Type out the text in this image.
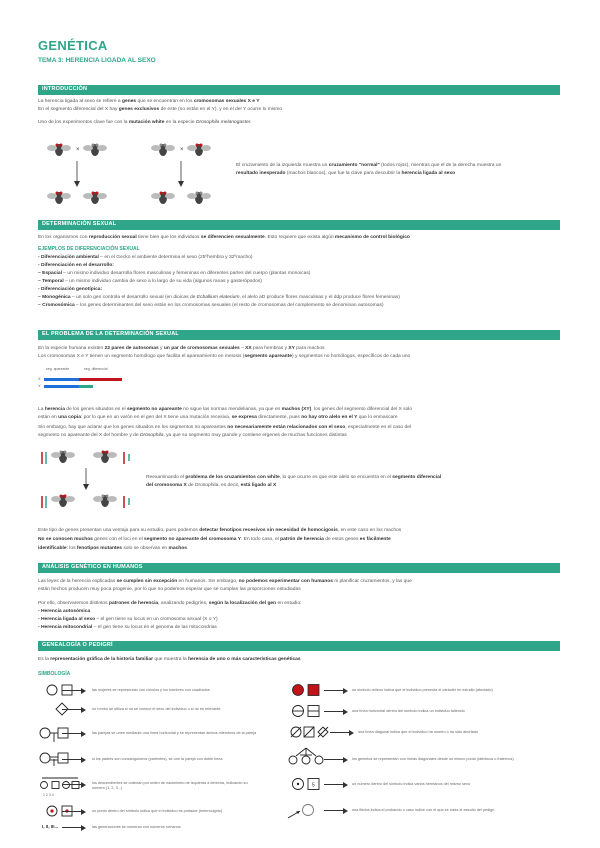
GENÉTICA
TEMA 3: HERENCIA LIGADA AL SEXO
INTRODUCCIÓN
La herencia ligada al sexo se refiere a genes que se encuentran en los cromosomas sexuales X e Y
En el segmento diferencial del X hay genes exclusivos de este (no están en el Y), y en el del Y ocurre lo mismo
Uno de los experimentos clave fue con la mutación white en la especie Drosophila melanogaster.
×	×
El cruzamiento de la izquierda muestra un cruzamiento "normal" (todos rojos), mientras que el de la derecha muestra un
resultado inesperado (machos blancos), que fue la clave para descubrir la herencia ligada al sexo
DETERMINACIÓN SEXUAL
En los organismos con reproducción sexual tiene bien que los individuos se diferencien sexualmente. Esto requiere que exista algún mecanismo de control biológico
EJEMPLOS DE DIFERENCIACIÓN SEXUAL
- Diferenciación ambiental – en el Gecko el ambiente determina el sexo (25ºhembra y 32ºmacho)
- Diferenciación en el desarrollo:
– Espacial – un mismo individuo desarrolla flores masculinas y femeninas en diferentes partes del cuerpo (plantas monoicas)
– Temporal – un mismo individuo cambia de sexo a lo largo de su vida (algunos ranas y gasterópodos)
- Diferenciación genotípica:
– Monogénica – un solo gen controla el desarrollo sexual (en dioicas de Ecballium elaterium, el alelo aD produce flores masculinas y el ddp produce flores femeninas)
– Cromosómica – los genes determinantes del sexo están en los cromosomas sexuales (el resto de cromosomas del complemento se denominan autosomas)
EL PROBLEMA DE LA DETERMINACIÓN SEXUAL
En la especie humana existen 22 pares de autosomas y un par de cromosomas sexuales – XX para hembras y XY para machos
Los cromosomas X e Y tienen un segmento homólogo que facilita el apareamiento en meiosis (segmento apareante) y segmentos no homólogos, específicos de cada uno
seg. apareante	seg. diferencial
X
Y
La herencia de los genes situados en el segmento no apareante no sigue las normas mendelianas, ya que en machos (XY), los genes del segmento diferencial del X solo
están en una copia: por lo que en un varón en el gen del X tiene una mutación recesiva, se expresa directamente, pues no hay otro alelo en el Y que lo enmascare
Sin embargo, hay que aclarar que los genes situados en los segmentos no apareantes no necesariamente están relacionados con el sexo, especialmente en el caso del
segmento no apareante del X del hombre y de Drosophila, ya que su segmento muy grande y contiene ergenes de muchas funciones distintas
Reexaminando el problema de los cruzamientos con white, lo que ocurre es que este alelo se encuentra en el segmento diferencial
del cromosoma X de Drosophila, es decir, está ligado al X
Este tipo de genes presentan una ventaja para su estudio, pues podemos detectar fenotipos recesivos sin necesidad de homocigosis, en este caso en los machos
No se conocen muchos genes con el loci en el segmento no apareante del cromosoma Y. En todo caso, el patrón de herencia de estos genes es fácilmente
identificable: los fenotipos mutantes solo se observan en machos
ANÁLISIS GENÉTICO EN HUMANOS
Las leyes de la herencia explicadas se cumplen sin excepción en humanos. Sin embargo, no podemos experimentar con humanos ni planificar cruzamientos, y las que
están hechos producen muy poca progenie, por lo que no podemos esperar que se cumplan las proporciones estudiadas
Por ello, observaremos distintos patrones de herencia, analizando pedigríes, según la localización del gen en estudio:
- Herencia autosómica
- Herencia ligada al sexo – el gen tiene su locus en un cromosoma sexual (X o Y)
- Herencia mitocondrial – el gen tiene su locus en el genoma de las mitocondrias
GENEALOGÍA O PEDIGRÍ
Es la representación gráfica de la historia familiar que muestra la herencia de uno o más características genéticas
SIMBOLOGÍA
1 2 3 4
I, II, III...
las mujeres se representan con círculos y los hombres con cuadrados
un rombo se utiliza si no se conoce el sexo del individuo o si no es relevante
las parejas se unen mediante una línea horizontal y se representan ambos miembros de la pareja
si los padres son consanguíneos (parientes), se une la pareja con doble línea
los descendientes se ordenan por orden de nacimiento de izquierda a derecha, indicando su número (1, 2, 3...)
un punto dentro del símbolo indica que el individuo es portador (heterocigoto)
las generaciones se numeran con números romanos
5
un símbolo relleno indica que el individuo presenta el carácter en estudio (afectado)
una línea horizontal dentro del símbolo indica un individuo fallecido
una línea diagonal indica que el individuo ha muerto o ha sido abortado
los gemelos se representan con líneas diagonales desde un mismo punto (idénticos o fraternos)
un número dentro del símbolo indica varios hermanos del mismo sexo
una flecha indica el probando o caso índice con el que se inicia el estudio del pedigrí
